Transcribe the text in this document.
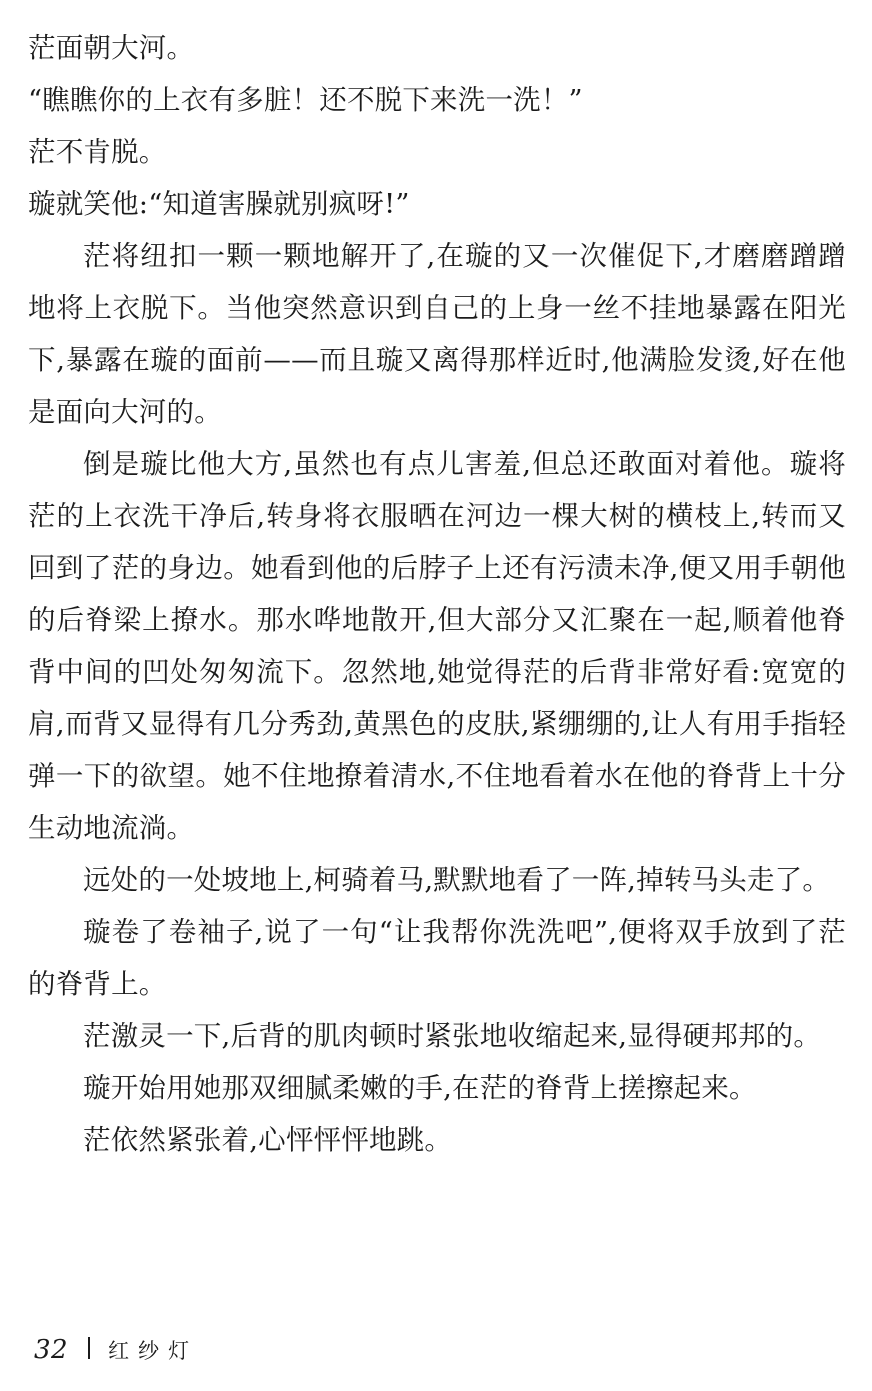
茫面朝大河。

“瞧瞧你的上衣有多脏！还不脱下来洗一洗！”

茫不肯脱。

璇就笑他:“知道害臊就别疯呀!”

茫将纽扣一颗一颗地解开了,在璇的又一次催促下,才磨磨蹭蹭地将上衣脱下。当他突然意识到自己的上身一丝不挂地暴露在阳光下,暴露在璇的面前——而且璇又离得那样近时,他满脸发烫,好在他是面向大河的。

倒是璇比他大方,虽然也有点儿害羞,但总还敢面对着他。璇将茫的上衣洗干净后,转身将衣服晒在河边一棵大树的横枝上,转而又回到了茫的身边。她看到他的后脖子上还有污渍未净,便又用手朝他的后脊梁上撩水。那水哗地散开,但大部分又汇聚在一起,顺着他脊背中间的凹处匆匆流下。忽然地,她觉得茫的后背非常好看:宽宽的肩,而背又显得有几分秀劲,黄黑色的皮肤,紧绷绷的,让人有用手指轻弹一下的欲望。她不住地撩着清水,不住地看着水在他的脊背上十分生动地流淌。

远处的一处坡地上,柯骑着马,默默地看了一阵,掉转马头走了。

璇卷了卷袖子,说了一句“让我帮你洗洗吧”,便将双手放到了茫的脊背上。

茫激灵一下,后背的肌肉顿时紧张地收缩起来,显得硬邦邦的。

璇开始用她那双细腻柔嫩的手,在茫的脊背上搓擦起来。

茫依然紧张着,心怦怦怦地跳。

32 红纱灯
